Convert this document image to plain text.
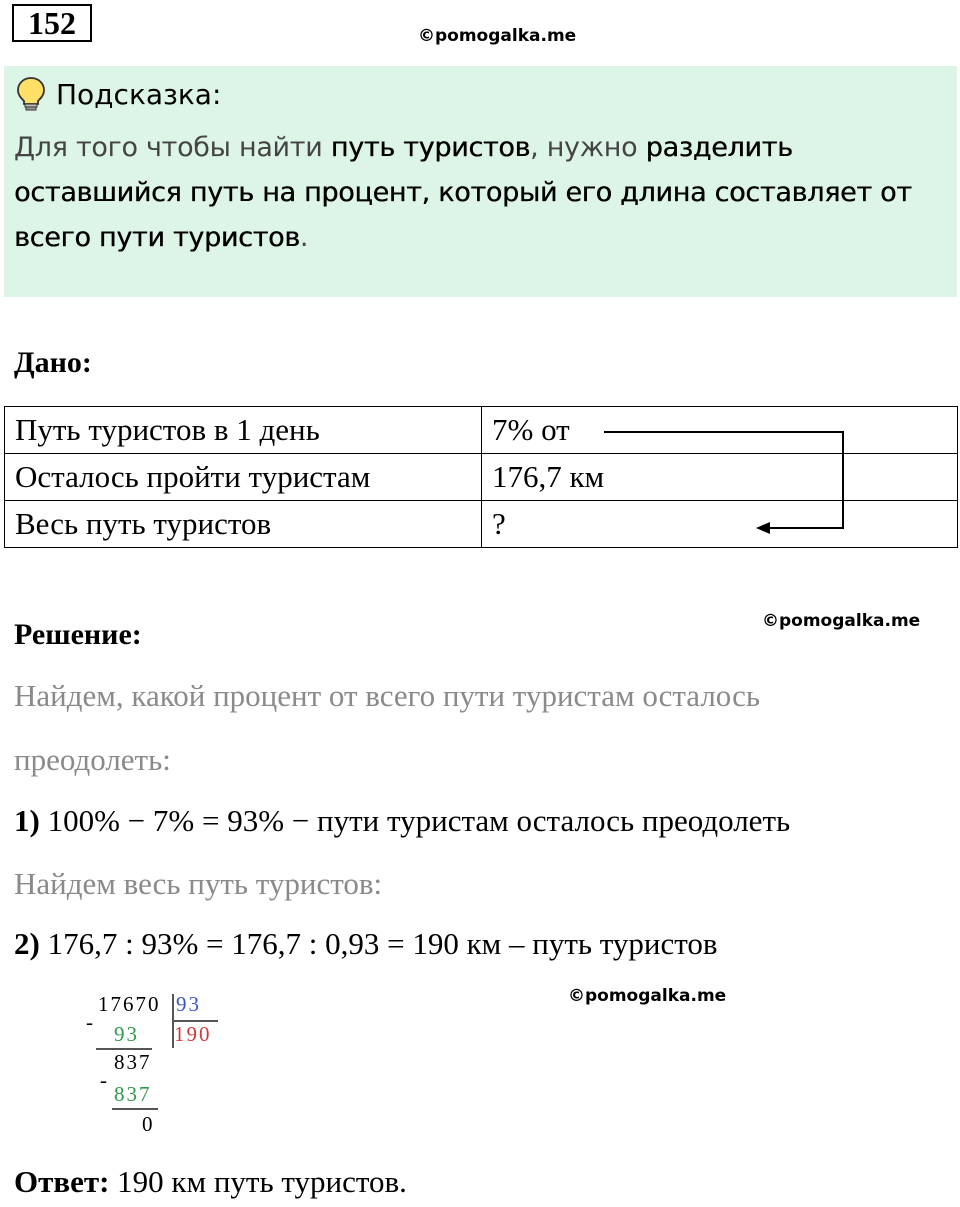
152	©pomogalka.me
Подсказка:
Для того чтобы найти путь туристов, нужно разделить оставшийся путь на процент, который его длина составляет от всего пути туристов.
Дано:
Путь туристов в 1 день	7% от
Осталось пройти туристам	176,7 км
Весь путь туристов	?
©pomogalka.me
Решение:
Найдем, какой процент от всего пути туристам осталось
преодолеть:
1) 100% − 7% = 93% − пути туристам осталось преодолеть
Найдем весь путь туристов:
2) 176,7 : 93% = 176,7 : 0,93 = 190 км – путь туристов
17670 93
190
- 93
837
-
837
0
©pomogalka.me
Ответ: 190 км путь туристов.
